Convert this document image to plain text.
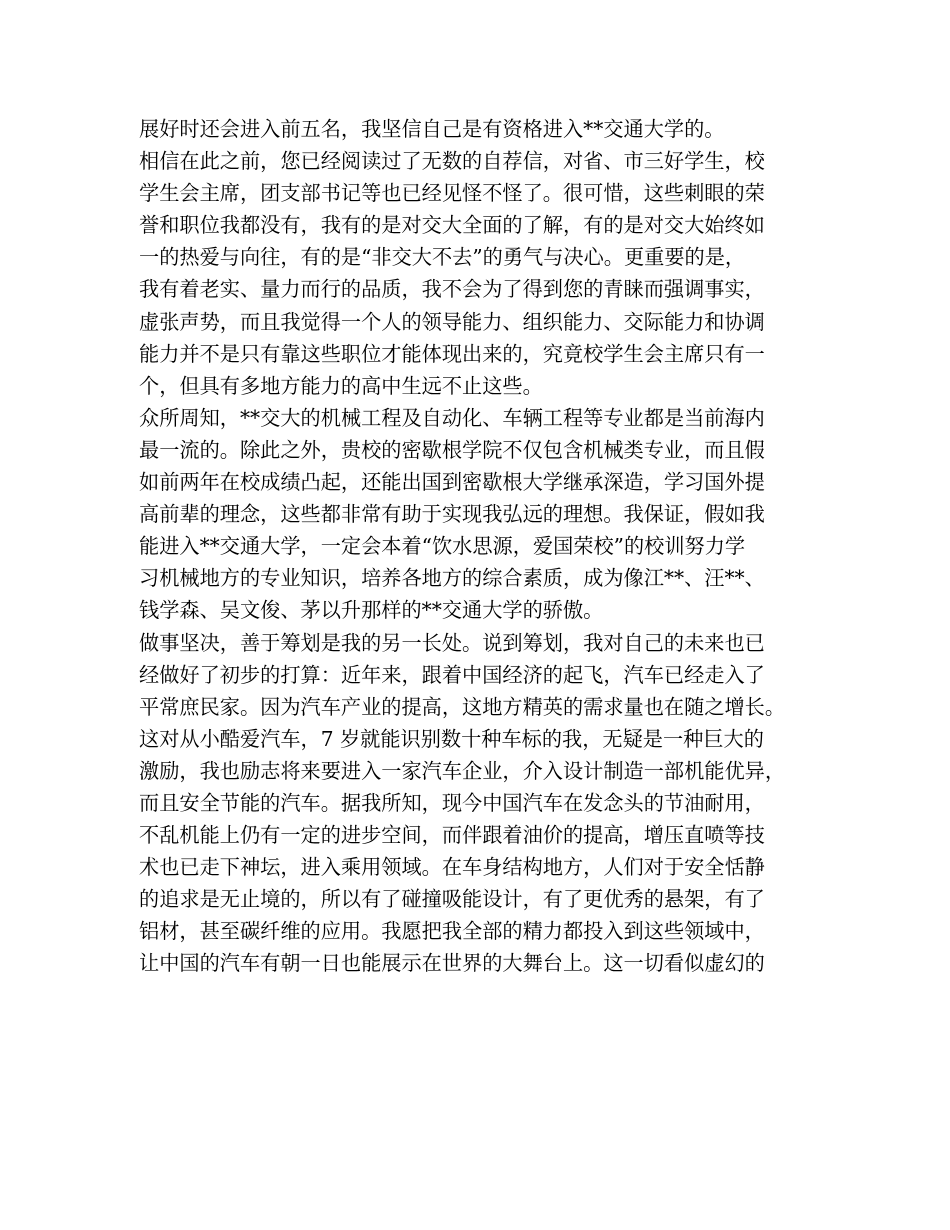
展好时还会进入前五名，我坚信自己是有资格进入**交通大学的。
相信在此之前，您已经阅读过了无数的自荐信，对省、市三好学生，校
学生会主席，团支部书记等也已经见怪不怪了。很可惜，这些刺眼的荣
誉和职位我都没有，我有的是对交大全面的了解，有的是对交大始终如
一的热爱与向往，有的是“非交大不去”的勇气与决心。更重要的是，
我有着老实、量力而行的品质，我不会为了得到您的青睐而强调事实，
虚张声势，而且我觉得一个人的领导能力、组织能力、交际能力和协调
能力并不是只有靠这些职位才能体现出来的，究竟校学生会主席只有一
个，但具有多地方能力的高中生远不止这些。
众所周知，**交大的机械工程及自动化、车辆工程等专业都是当前海内
最一流的。除此之外，贵校的密歇根学院不仅包含机械类专业，而且假
如前两年在校成绩凸起，还能出国到密歇根大学继承深造，学习国外提
高前辈的理念，这些都非常有助于实现我弘远的理想。我保证，假如我
能进入**交通大学，一定会本着“饮水思源，爱国荣校”的校训努力学
习机械地方的专业知识，培养各地方的综合素质，成为像江**、汪**、
钱学森、吴文俊、茅以升那样的**交通大学的骄傲。
做事坚决，善于筹划是我的另一长处。说到筹划，我对自己的未来也已
经做好了初步的打算：近年来，跟着中国经济的起飞，汽车已经走入了
平常庶民家。因为汽车产业的提高，这地方精英的需求量也在随之增长。
这对从小酷爱汽车，7 岁就能识别数十种车标的我，无疑是一种巨大的
激励，我也励志将来要进入一家汽车企业，介入设计制造一部机能优异，
而且安全节能的汽车。据我所知，现今中国汽车在发念头的节油耐用，
不乱机能上仍有一定的进步空间，而伴跟着油价的提高，增压直喷等技
术也已走下神坛，进入乘用领域。在车身结构地方，人们对于安全恬静
的追求是无止境的，所以有了碰撞吸能设计，有了更优秀的悬架，有了
铝材，甚至碳纤维的应用。我愿把我全部的精力都投入到这些领域中，
让中国的汽车有朝一日也能展示在世界的大舞台上。这一切看似虚幻的
